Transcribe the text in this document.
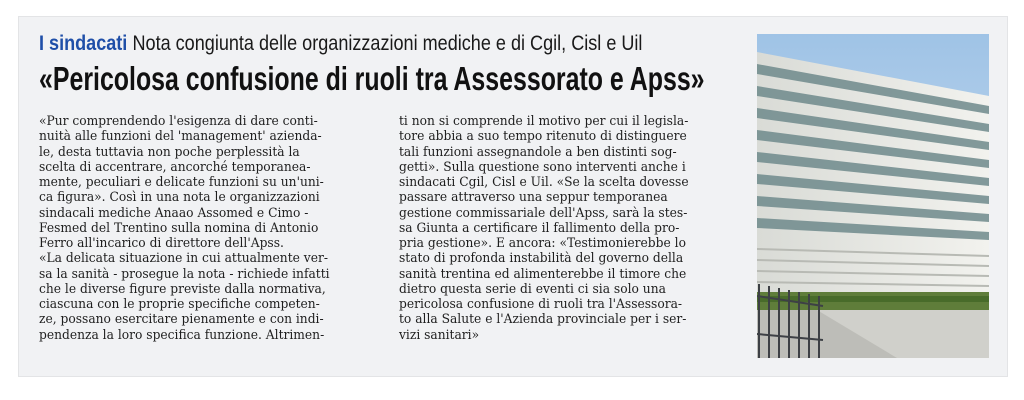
I sindacati Nota congiunta delle organizzazioni mediche e di Cgil, Cisl e Uil
«Pericolosa confusione di ruoli tra Assessorato e Apss»
«Pur comprendendo l'esigenza di dare conti-
nuità alle funzioni del 'management' azienda-
le, desta tuttavia non poche perplessità la
scelta di accentrare, ancorché temporanea-
mente, peculiari e delicate funzioni su un'uni-
ca figura». Così in una nota le organizzazioni
sindacali mediche Anaao Assomed e Cimo -
Fesmed del Trentino sulla nomina di Antonio
Ferro all'incarico di direttore dell'Apss.
«La delicata situazione in cui attualmente ver-
sa la sanità - prosegue la nota - richiede infatti
che le diverse figure previste dalla normativa,
ciascuna con le proprie specifiche competen-
ze, possano esercitare pienamente e con indi-
pendenza la loro specifica funzione. Altrimen-
ti non si comprende il motivo per cui il legisla-
tore abbia a suo tempo ritenuto di distinguere
tali funzioni assegnandole a ben distinti sog-
getti». Sulla questione sono interventi anche i
sindacati Cgil, Cisl e Uil. «Se la scelta dovesse
passare attraverso una seppur temporanea
gestione commissariale dell'Apss, sarà la stes-
sa Giunta a certificare il fallimento della pro-
pria gestione». E ancora: «Testimonierebbe lo
stato di profonda instabilità del governo della
sanità trentina ed alimenterebbe il timore che
dietro questa serie di eventi ci sia solo una
pericolosa confusione di ruoli tra l'Assessora-
to alla Salute e l'Azienda provinciale per i ser-
vizi sanitari»
